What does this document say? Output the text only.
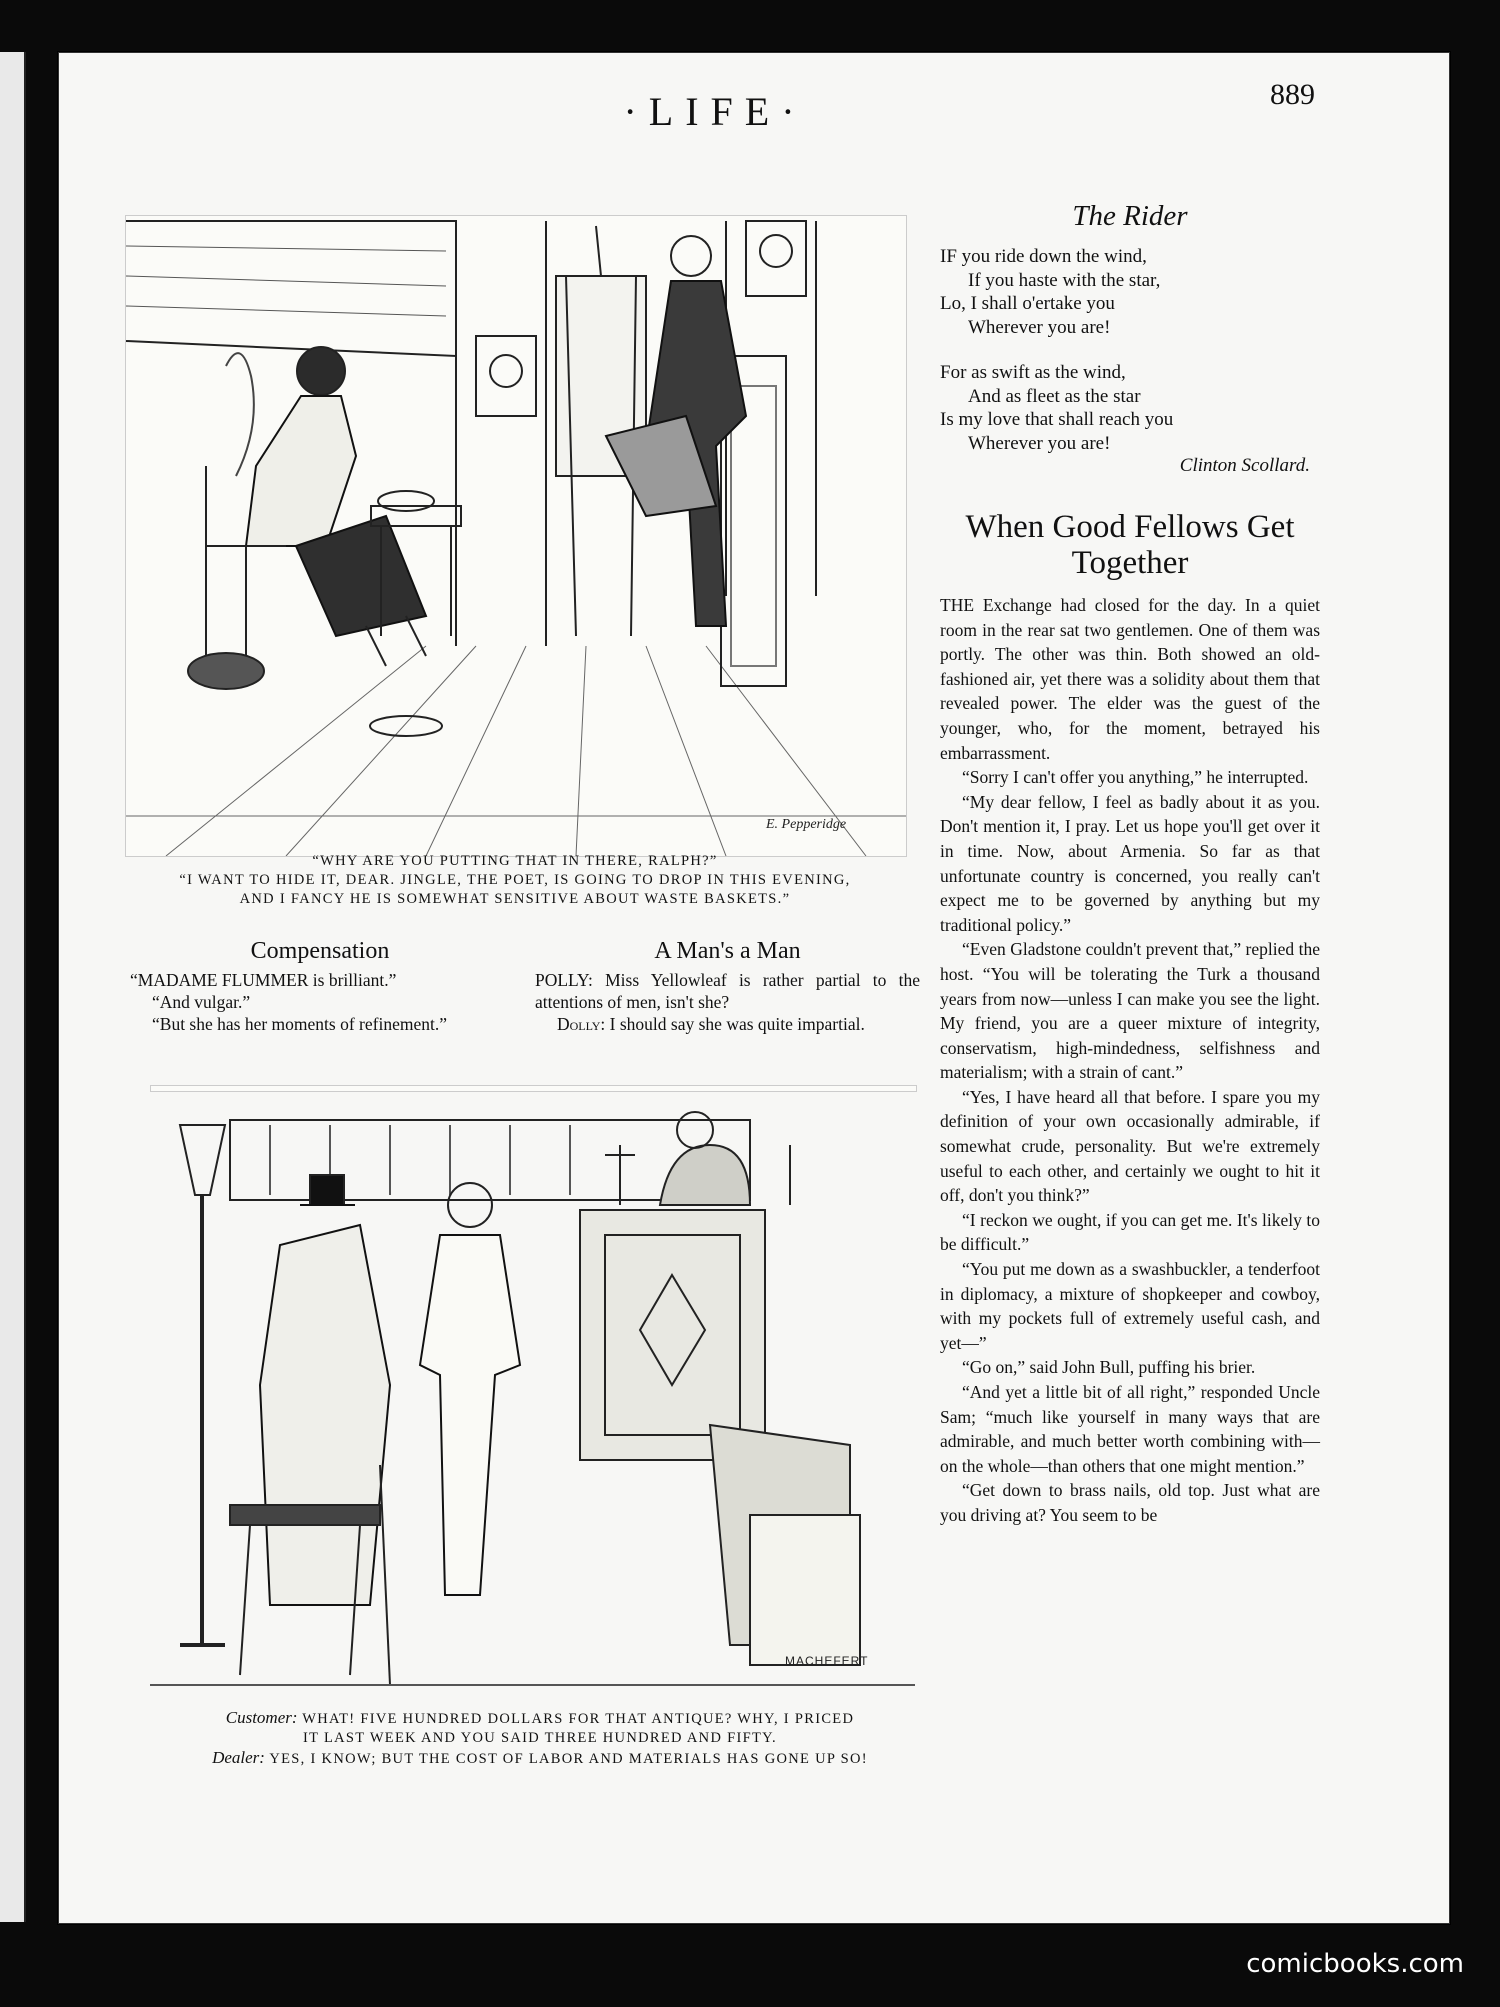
·LIFE·	889
E. Pepperidge
“WHY ARE YOU PUTTING THAT IN THERE, RALPH?”
“I WANT TO HIDE IT, DEAR. JINGLE, THE POET, IS GOING TO DROP IN THIS EVENING,
AND I FANCY HE IS SOMEWHAT SENSITIVE ABOUT WASTE BASKETS.”
Compensation

“MADAME FLUMMER is brilliant.”

“And vulgar.”

“But she has her moments of refinement.”

A Man's a Man

POLLY: Miss Yellowleaf is rather partial to the attentions of men, isn't she?

Dolly: I should say she was quite impartial.

MACHEFERT
Customer: WHAT! FIVE HUNDRED DOLLARS FOR THAT ANTIQUE? WHY, I PRICED
IT LAST WEEK AND YOU SAID THREE HUNDRED AND FIFTY.
Dealer: YES, I KNOW; BUT THE COST OF LABOR AND MATERIALS HAS GONE UP SO!
The Rider

IF you ride down the wind,

If you haste with the star,

Lo, I shall o'ertake you

Wherever you are!

For as swift as the wind,

And as fleet as the star

Is my love that shall reach you

Wherever you are!

Clinton Scollard.
When Good Fellows Get Together

THE Exchange had closed for the day. In a quiet room in the rear sat two gentlemen. One of them was portly. The other was thin. Both showed an old-fashioned air, yet there was a solidity about them that revealed power. The elder was the guest of the younger, who, for the moment, betrayed his embarrassment.

“Sorry I can't offer you anything,” he interrupted.

“My dear fellow, I feel as badly about it as you. Don't mention it, I pray. Let us hope you'll get over it in time. Now, about Armenia. So far as that unfortunate country is concerned, you really can't expect me to be governed by anything but my traditional policy.”

“Even Gladstone couldn't prevent that,” replied the host. “You will be tolerating the Turk a thousand years from now—unless I can make you see the light. My friend, you are a queer mixture of integrity, conservatism, high-mindedness, selfishness and materialism; with a strain of cant.”

“Yes, I have heard all that before. I spare you my definition of your own occasionally admirable, if somewhat crude, personality. But we're extremely useful to each other, and certainly we ought to hit it off, don't you think?”

“I reckon we ought, if you can get me. It's likely to be difficult.”

“You put me down as a swashbuckler, a tenderfoot in diplomacy, a mixture of shopkeeper and cowboy, with my pockets full of extremely useful cash, and yet—”

“Go on,” said John Bull, puffing his brier.

“And yet a little bit of all right,” responded Uncle Sam; “much like yourself in many ways that are admirable, and much better worth combining with—on the whole—than others that one might mention.”

“Get down to brass nails, old top. Just what are you driving at? You seem to be

comicbooks.com
